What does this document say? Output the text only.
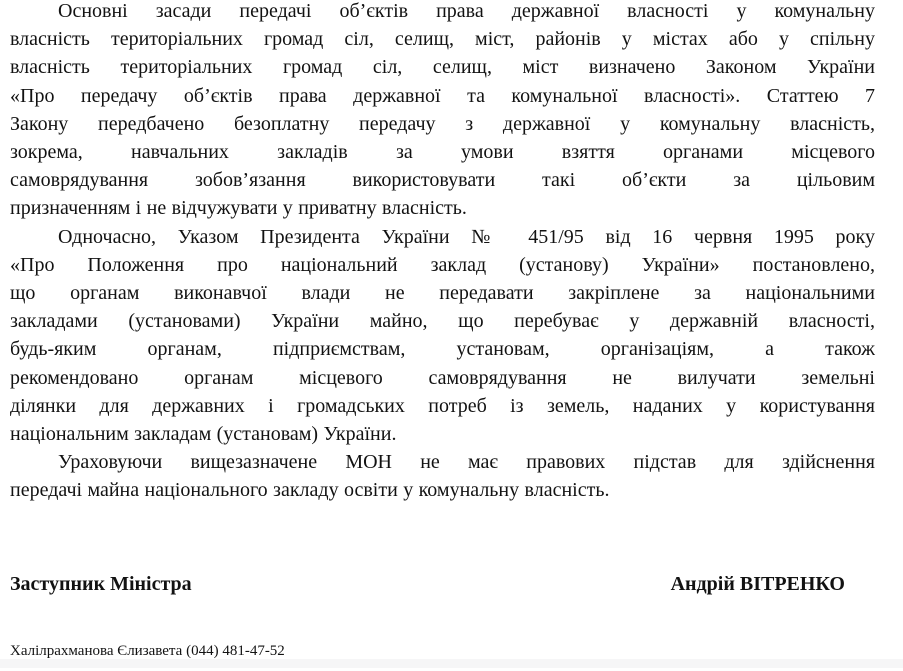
Основні засади передачі об’єктів права державної власності у комунальну
власність територіальних громад сіл, селищ, міст, районів у містах або у спільну
власність територіальних громад сіл, селищ, міст визначено Законом України
«Про передачу об’єктів права державної та комунальної власності». Статтею 7
Закону передбачено безоплатну передачу з державної у комунальну власність,
зокрема, навчальних закладів за умови взяття органами місцевого
самоврядування зобов’язання використовувати такі об’єкти за цільовим
призначенням і не відчужувати у приватну власність.
Одночасно, Указом Президента України № 451/95 від 16 червня 1995 року
«Про Положення про національний заклад (установу) України» постановлено,
що органам виконавчої влади не передавати закріплене за національними
закладами (установами) України майно, що перебуває у державній власності,
будь-яким органам, підприємствам, установам, організаціям, а також
рекомендовано органам місцевого самоврядування не вилучати земельні
ділянки для державних і громадських потреб із земель, наданих у користування
національним закладам (установам) України.
Ураховуючи вищезазначене МОН не має правових підстав для здійснення
передачі майна національного закладу освіти у комунальну власність.
Заступник Міністра	Андрій ВІТРЕНКО
Халілрахманова Єлизавета (044) 481-47-52
